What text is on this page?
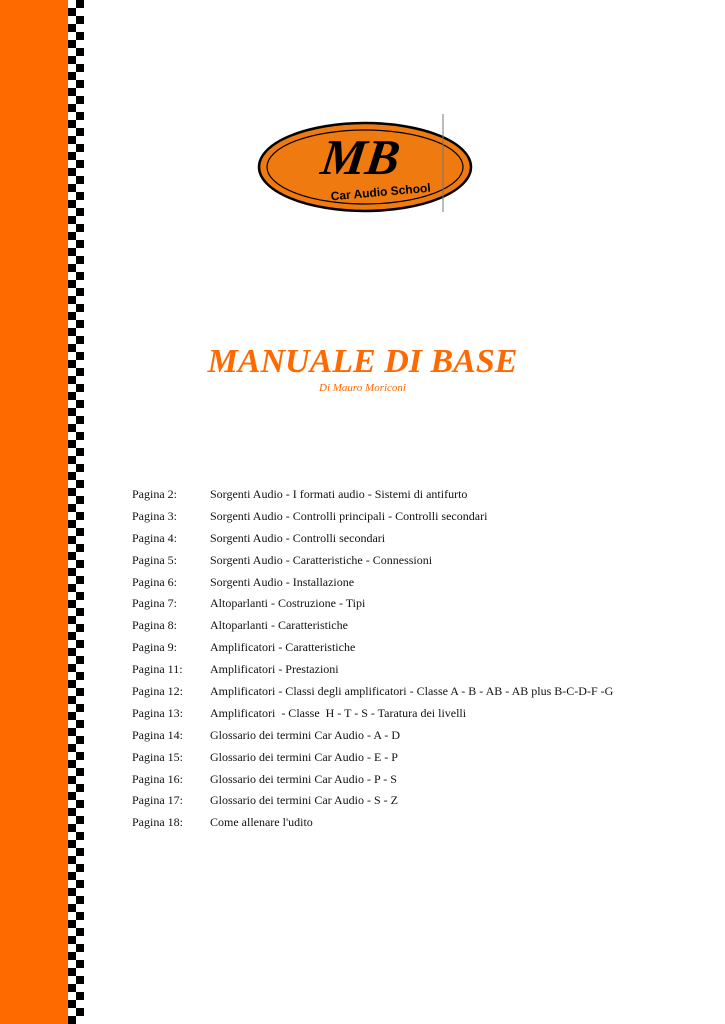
MB
Car Audio School
MANUALE DI BASE
Di Mauro Moriconi
Pagina 2:	Sorgenti Audio - I formati audio - Sistemi di antifurto
Pagina 3:	Sorgenti Audio - Controlli principali - Controlli secondari
Pagina 4:	Sorgenti Audio - Controlli secondari
Pagina 5:	Sorgenti Audio - Caratteristiche - Connessioni
Pagina 6:	Sorgenti Audio - Installazione
Pagina 7:	Altoparlanti - Costruzione - Tipi
Pagina 8:	Altoparlanti - Caratteristiche
Pagina 9:	Amplificatori - Caratteristiche
Pagina 11:	Amplificatori - Prestazioni
Pagina 12:	Amplificatori - Classi degli amplificatori - Classe A - B - AB - AB plus B-C-D-F -G
Pagina 13:	Amplificatori  - Classe  H - T - S - Taratura dei livelli
Pagina 14:	Glossario dei termini Car Audio - A - D
Pagina 15:	Glossario dei termini Car Audio - E - P
Pagina 16:	Glossario dei termini Car Audio - P - S
Pagina 17:	Glossario dei termini Car Audio - S - Z
Pagina 18:	Come allenare l'udito
